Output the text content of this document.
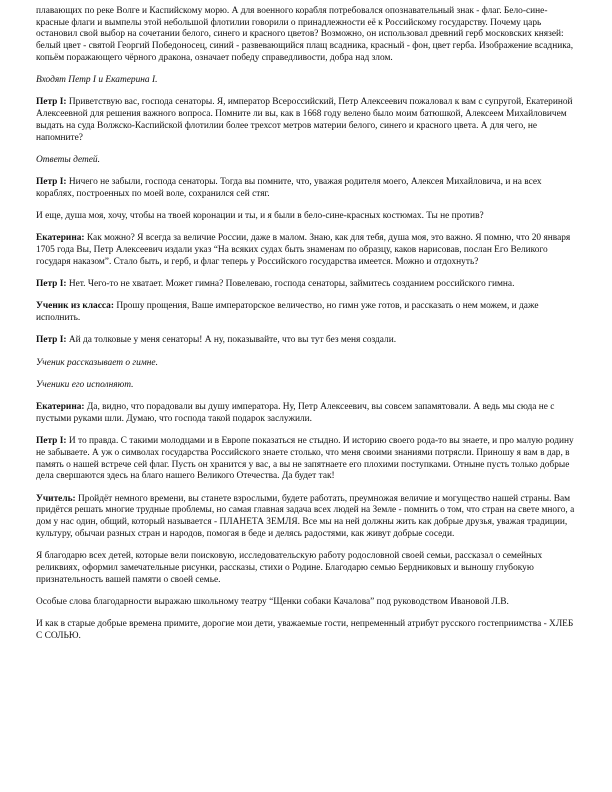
плавающих по реке Волге и Каспийскому морю. А для военного корабля потребовался опознавательный знак - флаг. Бело-сине-красные флаги и вымпелы этой небольшой флотилии говорили о принадлежности её к Российскому государству. Почему царь остановил свой выбор на сочетании белого, синего и красного цветов? Возможно, он использовал древний герб московских князей: белый цвет - святой Георгий Победоносец, синий - развевающийся плащ всадника, красный - фон, цвет герба. Изображение всадника, копьём поражающего чёрного дракона, означает победу справедливости, добра над злом.

Входят Петр I и Екатерина I.

Петр I: Приветствую вас, господа сенаторы. Я, император Всероссийский, Петр Алексеевич пожаловал к вам с супругой, Екатериной Алексеевной для решения важного вопроса. Помните ли вы, как в 1668 году велено было моим батюшкой, Алексеем Михайловичем выдать на суда Волжско-Каспийской флотилии более трехсот метров материи белого, синего и красного цвета. А для чего, не напомните?

Ответы детей.

Петр I: Ничего не забыли, господа сенаторы. Тогда вы помните, что, уважая родителя моего, Алексея Михайловича, и на всех кораблях, построенных по моей воле, сохранился сей стяг.

И еще, душа моя, хочу, чтобы на твоей коронации и ты, и я были в бело-сине-красных костюмах. Ты не против?

Екатерина: Как можно? Я всегда за величие России, даже в малом. Знаю, как для тебя, душа моя, это важно. Я помню, что 20 января 1705 года Вы, Петр Алексеевич издали указ “На всяких судах быть знаменам по образцу, каков нарисовав, послан Его Великого государя наказом”. Стало быть, и герб, и флаг теперь у Российского государства имеется. Можно и отдохнуть?

Петр I: Нет. Чего-то не хватает. Может гимна? Повелеваю, господа сенаторы, займитесь созданием российского гимна.

Ученик из класса: Прошу прощения, Ваше императорское величество, но гимн уже готов, и рассказать о нем можем, и даже исполнить.

Петр I: Ай да толковые у меня сенаторы! А ну, показывайте, что вы тут без меня создали.

Ученик рассказывает о гимне.

Ученики его исполняют.

Екатерина: Да, видно, что порадовали вы душу императора. Ну, Петр Алексеевич, вы совсем запамятовали. А ведь мы сюда не с пустыми руками шли. Думаю, что господа такой подарок заслужили.

Петр I: И то правда. С такими молодцами и в Европе показаться не стыдно. И историю своего рода-то вы знаете, и про малую родину не забываете. А уж о символах государства Российского знаете столько, что меня своими знаниями потрясли. Приношу я вам в дар, в память о нашей встрече сей флаг. Пусть он хранится у вас, а вы не запятнаете его плохими поступками. Отныне пусть только добрые дела свершаются здесь на благо нашего Великого Отечества. Да будет так!

Учитель: Пройдёт немного времени, вы станете взрослыми, будете работать, преумножая величие и могущество нашей страны. Вам придётся решать многие трудные проблемы, но самая главная задача всех людей на Земле - помнить о том, что стран на свете много, а дом у нас один, общий, который называется - ПЛАНЕТА ЗЕМЛЯ. Все мы на ней должны жить как добрые друзья, уважая традиции, культуру, обычаи разных стран и народов, помогая в беде и делясь радостями, как живут добрые соседи.

Я благодарю всех детей, которые вели поисковую, исследовательскую работу родословной своей семьи, рассказал о семейных реликвиях, оформил замечательные рисунки, рассказы, стихи о Родине. Благодарю семью Бердниковых и выношу глубокую признательность вашей памяти о своей семье.

Особые слова благодарности выражаю школьному театру “Щенки собаки Качалова” под руководством Ивановой Л.В.

И как в старые добрые времена примите, дорогие мои дети, уважаемые гости, непременный атрибут русского гостеприимства - ХЛЕБ С СОЛЬЮ.
